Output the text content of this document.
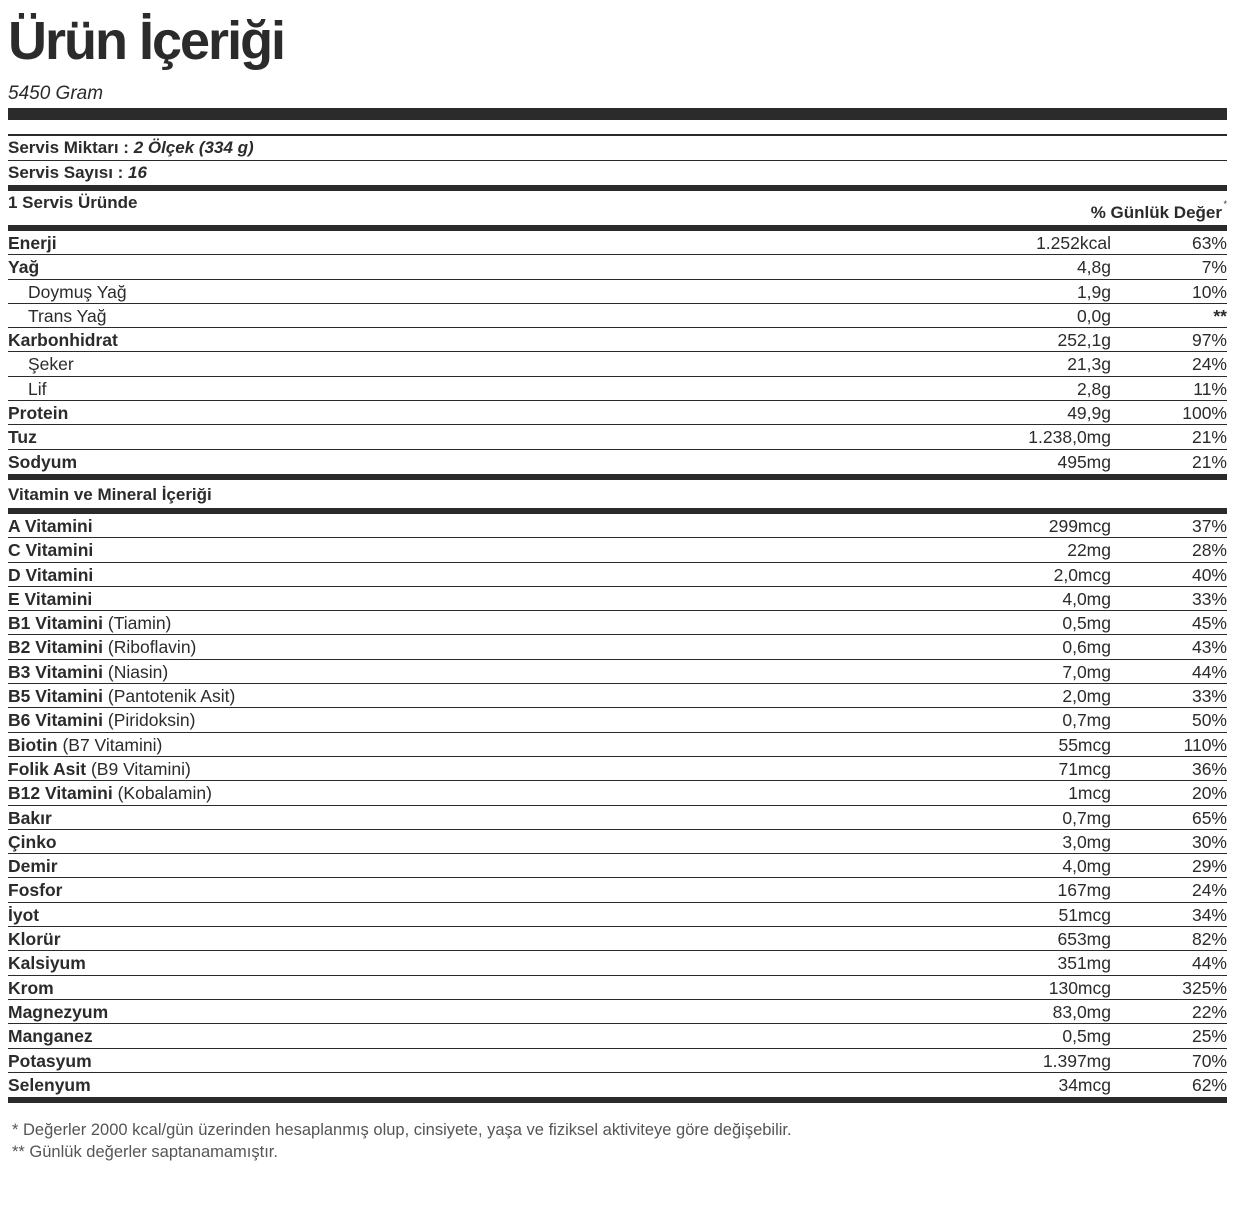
Ürün İçeriği
5450 Gram
Servis Miktarı : 2 Ölçek (334 g)
Servis Sayısı : 16
1 Servis Üründe
% Günlük Değer *
Enerji	1.252kcal	63%
Yağ	4,8g	7%
Doymuş Yağ	1,9g	10%
Trans Yağ	0,0g	**
Karbonhidrat	252,1g	97%
Şeker	21,3g	24%
Lif	2,8g	11%
Protein	49,9g	100%
Tuz	1.238,0mg	21%
Sodyum	495mg	21%
Vitamin ve Mineral İçeriği
A Vitamini	299mcg	37%
C Vitamini	22mg	28%
D Vitamini	2,0mcg	40%
E Vitamini	4,0mg	33%
B1 Vitamini (Tiamin)	0,5mg	45%
B2 Vitamini (Riboflavin)	0,6mg	43%
B3 Vitamini (Niasin)	7,0mg	44%
B5 Vitamini (Pantotenik Asit)	2,0mg	33%
B6 Vitamini (Piridoksin)	0,7mg	50%
Biotin (B7 Vitamini)	55mcg	110%
Folik Asit (B9 Vitamini)	71mcg	36%
B12 Vitamini (Kobalamin)	1mcg	20%
Bakır	0,7mg	65%
Çinko	3,0mg	30%
Demir	4,0mg	29%
Fosfor	167mg	24%
İyot	51mcg	34%
Klorür	653mg	82%
Kalsiyum	351mg	44%
Krom	130mcg	325%
Magnezyum	83,0mg	22%
Manganez	0,5mg	25%
Potasyum	1.397mg	70%
Selenyum	34mcg	62%
* Değerler 2000 kcal/gün üzerinden hesaplanmış olup, cinsiyete, yaşa ve fiziksel aktiviteye göre değişebilir.
** Günlük değerler saptanamamıştır.
